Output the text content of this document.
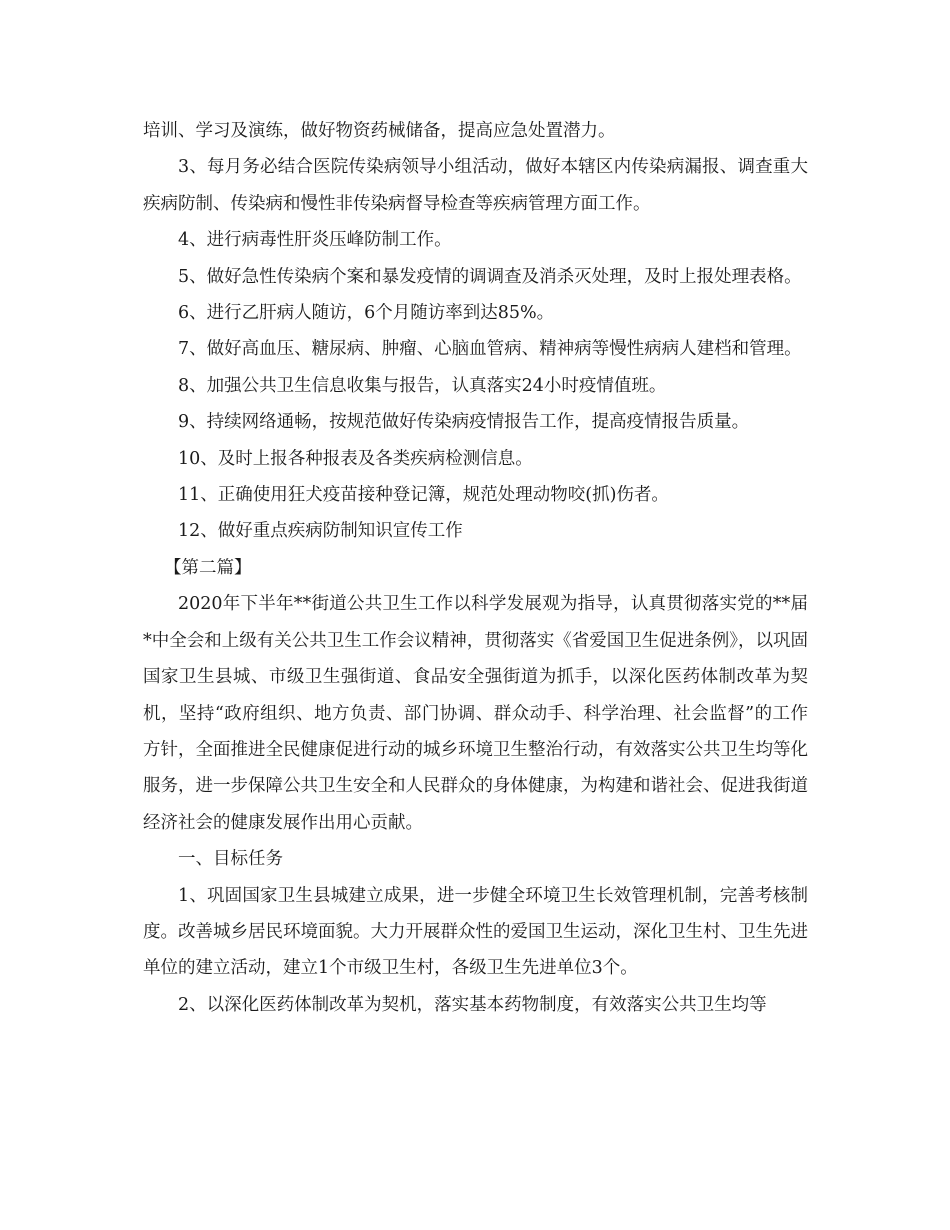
培训、学习及演练，做好物资药械储备，提高应急处置潜力。

3、每月务必结合医院传染病领导小组活动，做好本辖区内传染病漏报、调查重大疾病防制、传染病和慢性非传染病督导检查等疾病管理方面工作。

4、进行病毒性肝炎压峰防制工作。

5、做好急性传染病个案和暴发疫情的调调查及消杀灭处理，及时上报处理表格。

6、进行乙肝病人随访，6个月随访率到达85%。

7、做好高血压、糖尿病、肿瘤、心脑血管病、精神病等慢性病病人建档和管理。

8、加强公共卫生信息收集与报告，认真落实24小时疫情值班。

9、持续网络通畅，按规范做好传染病疫情报告工作，提高疫情报告质量。

10、及时上报各种报表及各类疾病检测信息。

11、正确使用狂犬疫苗接种登记簿，规范处理动物咬(抓)伤者。

12、做好重点疾病防制知识宣传工作

【第二篇】

2020年下半年**街道公共卫生工作以科学发展观为指导，认真贯彻落实党的**届*中全会和上级有关公共卫生工作会议精神，贯彻落实《省爱国卫生促进条例》，以巩固国家卫生县城、市级卫生强街道、食品安全强街道为抓手，以深化医药体制改革为契机，坚持“政府组织、地方负责、部门协调、群众动手、科学治理、社会监督”的工作方针，全面推进全民健康促进行动的城乡环境卫生整治行动，有效落实公共卫生均等化服务，进一步保障公共卫生安全和人民群众的身体健康，为构建和谐社会、促进我街道经济社会的健康发展作出用心贡献。

一、目标任务

1、巩固国家卫生县城建立成果，进一步健全环境卫生长效管理机制，完善考核制度。改善城乡居民环境面貌。大力开展群众性的爱国卫生运动，深化卫生村、卫生先进单位的建立活动，建立1个市级卫生村，各级卫生先进单位3个。

2、以深化医药体制改革为契机，落实基本药物制度，有效落实公共卫生均等
